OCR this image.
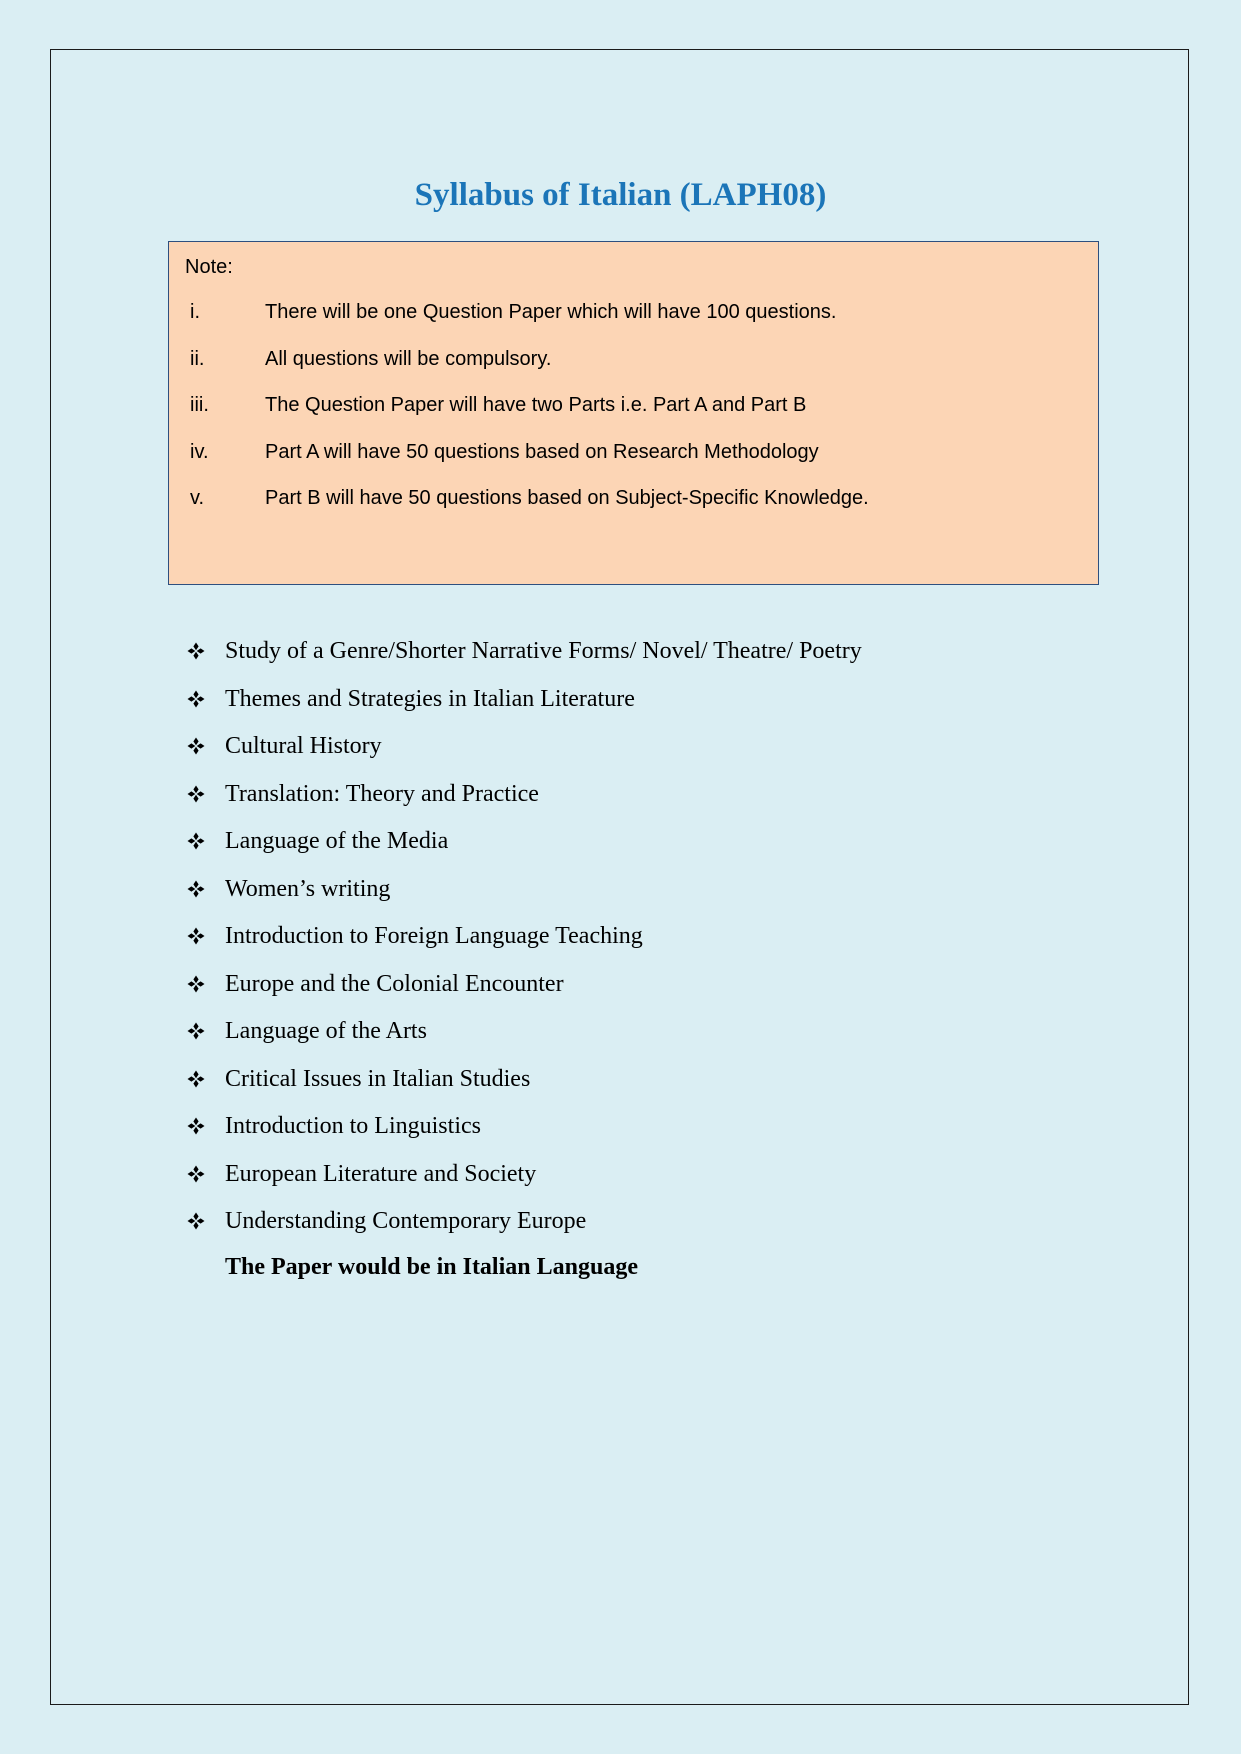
Syllabus of Italian (LAPH08)
Note:
i.	There will be one Question Paper which will have 100 questions.
ii.	All questions will be compulsory.
iii.	The Question Paper will have two Parts i.e. Part A and Part B
iv.	Part A will have 50 questions based on Research Methodology
v.	Part B will have 50 questions based on Subject-Specific Knowledge.
Study of a Genre/Shorter Narrative Forms/ Novel/ Theatre/ Poetry
Themes and Strategies in Italian Literature
Cultural History
Translation: Theory and Practice
Language of the Media
Women’s writing
Introduction to Foreign Language Teaching
Europe and the Colonial Encounter
Language of the Arts
Critical Issues in Italian Studies
Introduction to Linguistics
European Literature and Society
Understanding Contemporary Europe

The Paper would be in Italian Language
